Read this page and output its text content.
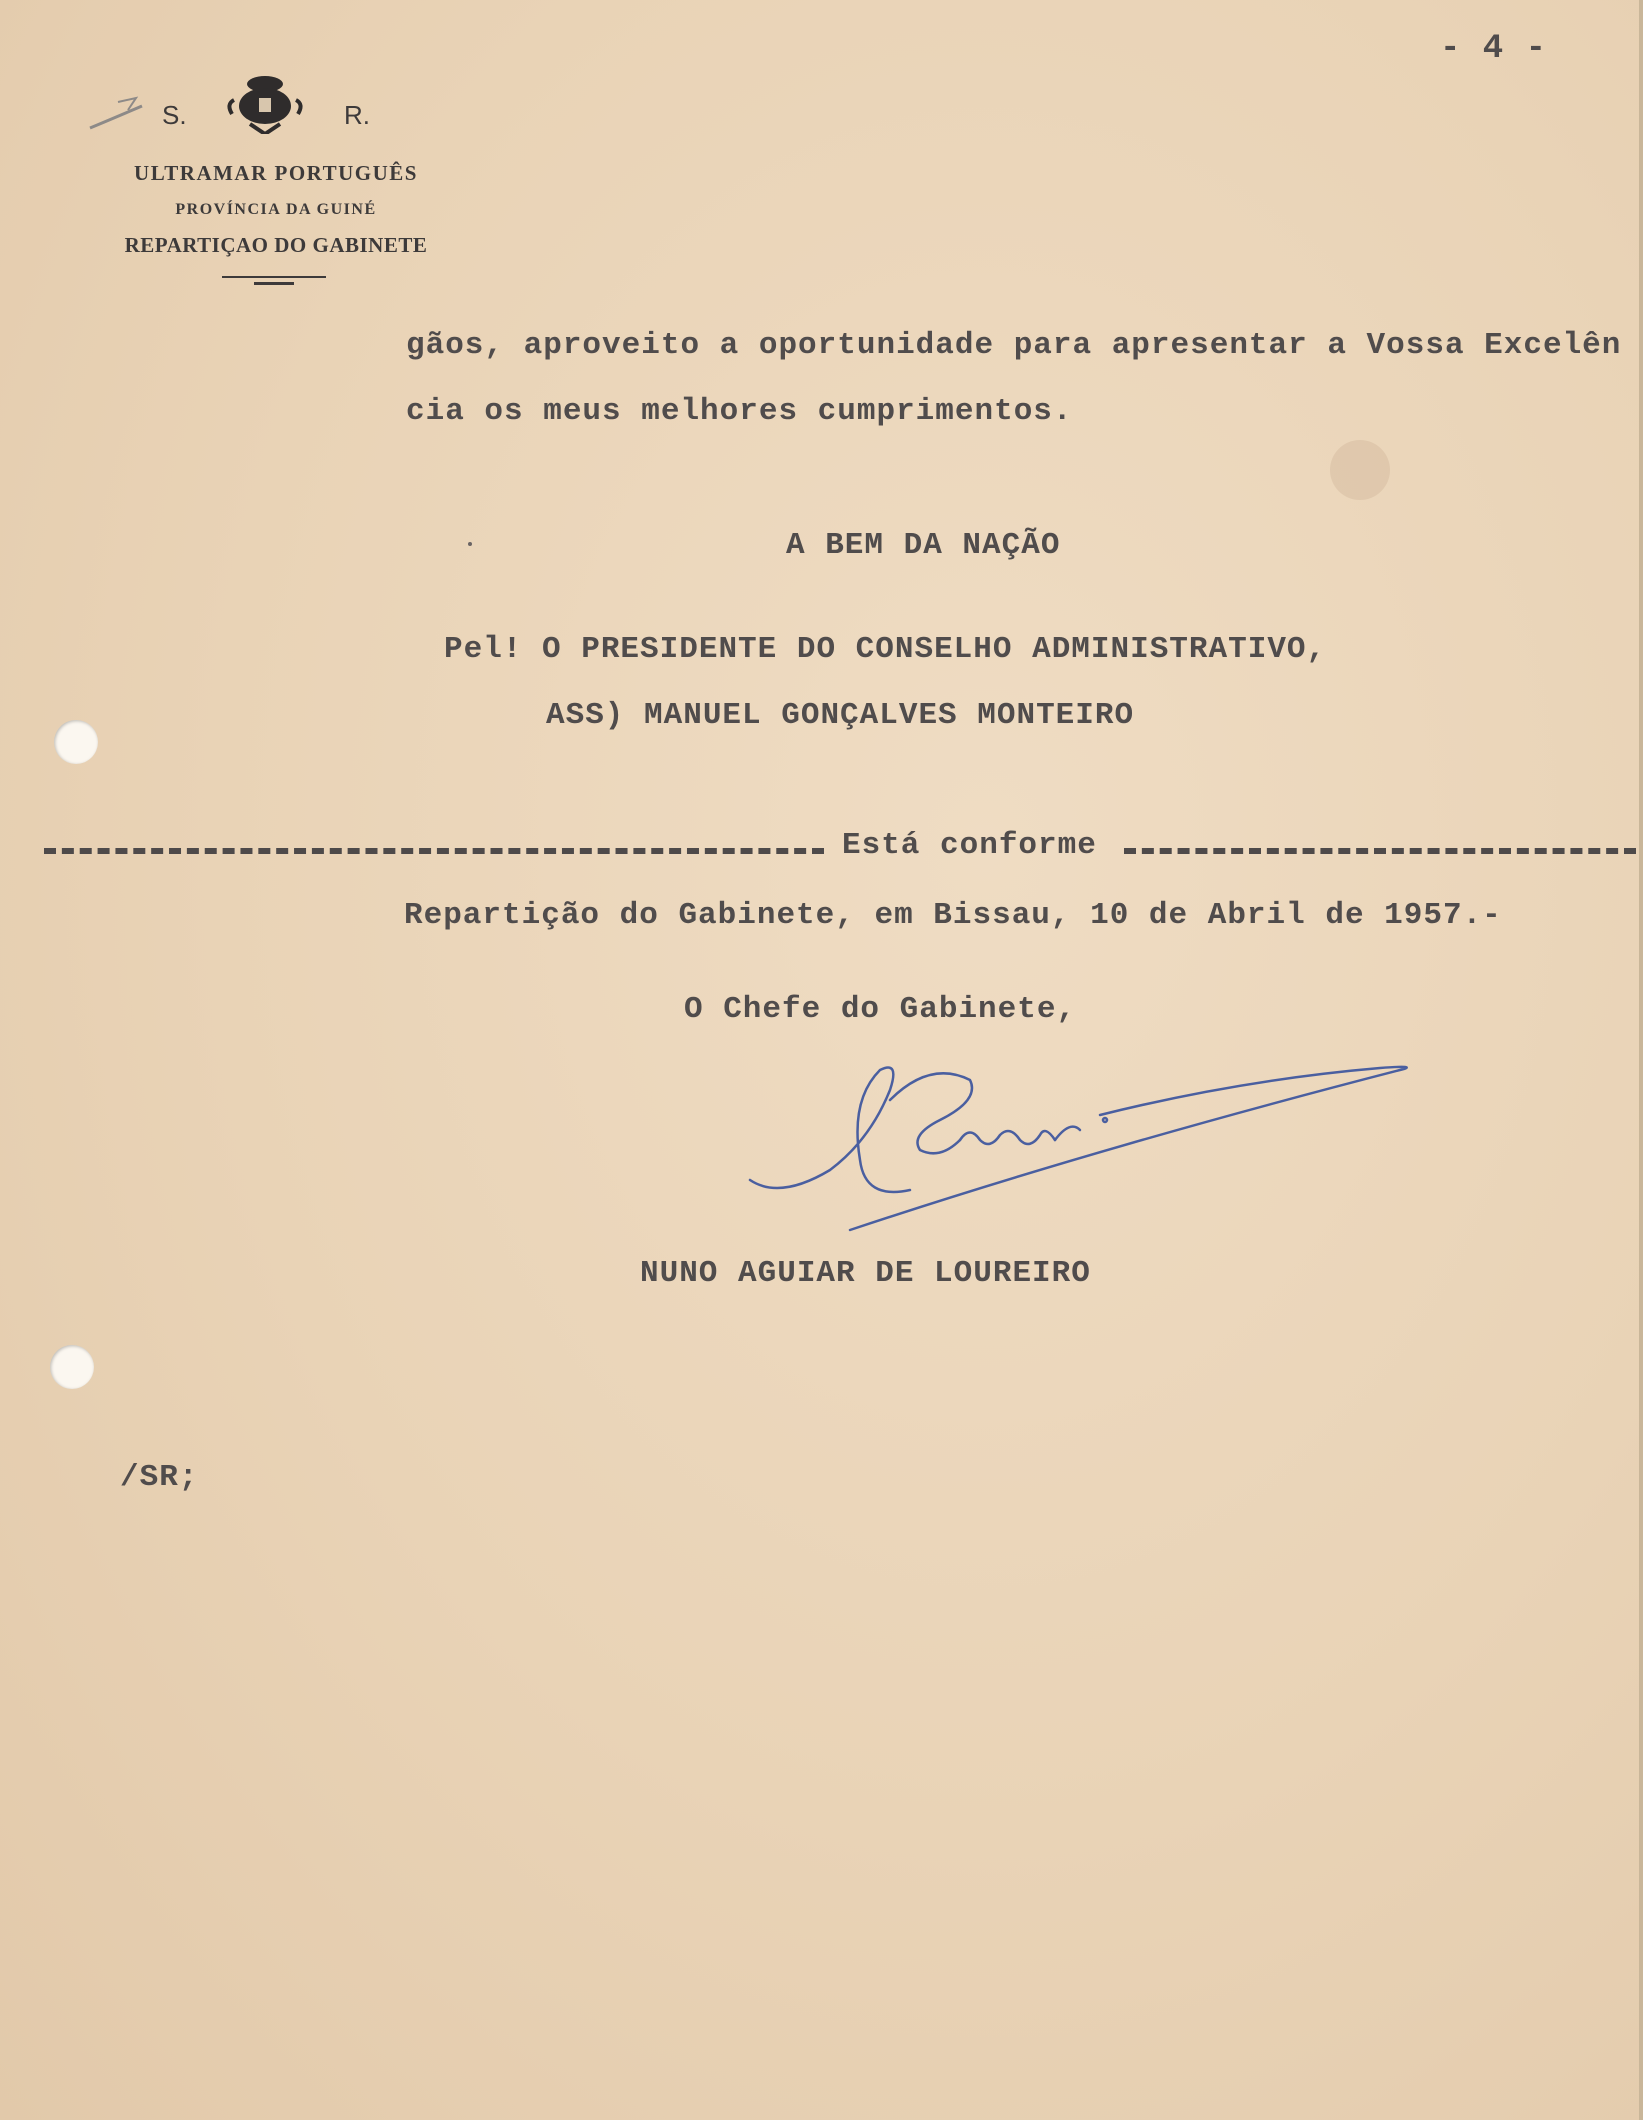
- 4 -
S.	R.
ULTRAMAR PORTUGUÊS
PROVÍNCIA DA GUINÉ
REPARTIÇAO DO GABINETE
gãos, aproveito a oportunidade para apresentar a Vossa Excelên
cia os meus melhores cumprimentos.
A BEM DA NAÇÃO
Pel! O PRESIDENTE DO CONSELHO ADMINISTRATIVO,
ASS) MANUEL GONÇALVES MONTEIRO
Está conforme
Repartição do Gabinete, em Bissau, 10 de Abril de 1957.-
O Chefe do Gabinete,
NUNO AGUIAR DE LOUREIRO
/SR;
